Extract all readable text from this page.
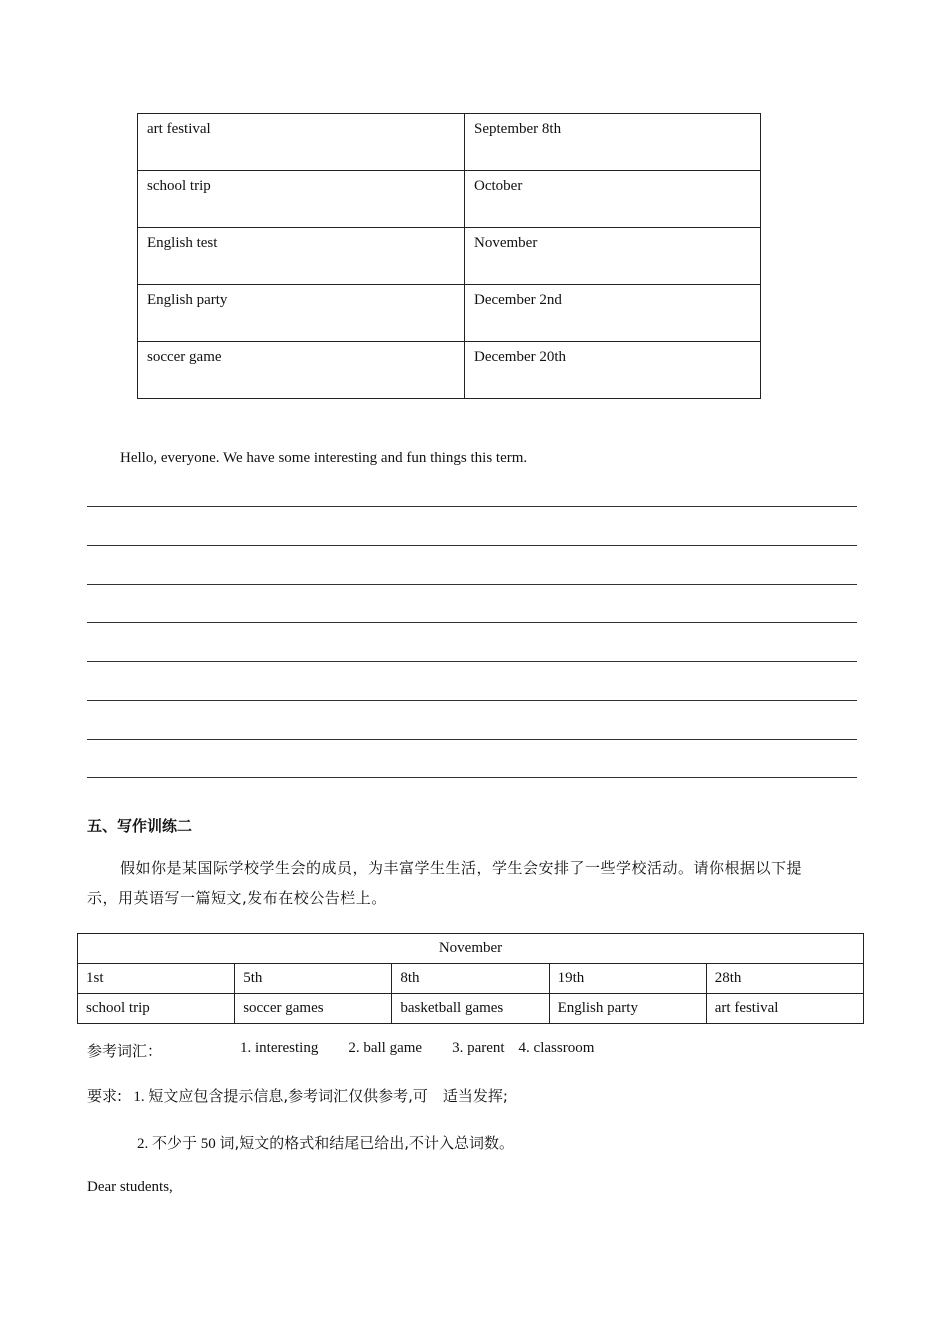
art festival	September 8th
school trip	October
English test	November
English party	December 2nd
soccer game	December 20th
Hello, everyone. We have some interesting and fun things this term.
五、写作训练二
假如你是某国际学校学生会的成员，为丰富学生生活，学生会安排了一些学校活动。请你根据以下提
示，用英语写一篇短文,发布在校公告栏上。
November				
1st	5th	8th	19th	28th
school trip	soccer games	basketball games	English party	art festival
参考词汇：	1. interesting 2. ball game 3. parent 4. classroom
要求: 1. 短文应包含提示信息,参考词汇仅供参考,可　适当发挥;
2. 不少于 50 词,短文的格式和结尾已给出,不计入总词数。
Dear students,
